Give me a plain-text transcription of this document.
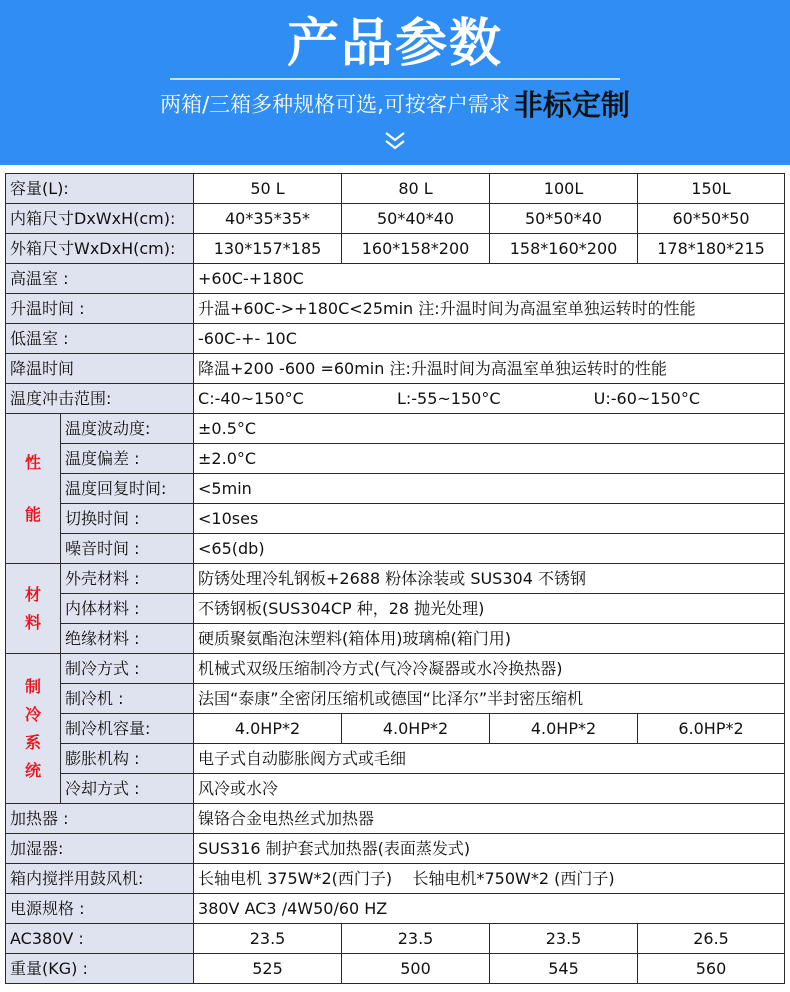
产品参数
两箱/三箱多种规格可选,可按客户需求 非标定制
容量(L):		50 L	80 L	100L	150L
内箱尺寸DxWxH(cm):		40*35*35*	50*40*40	50*50*40	60*50*50
外箱尺寸WxDxH(cm):		130*157*185	160*158*200	158*160*200	178*180*215
高温室 :		+60C-+180C			
升温时间 :		升温+60C->+180C<25min 注:升温时间为高温室单独运转时的性能			
低温室 :		-60C-+- 10C			
降温时间		降温+200 -600 =60min 注:升温时间为高温室单独运转时的性能			
温度冲击范围:		C:-40~150°C L:-55~150°C U:-60~150°C			

性
能	温度波动度:	±0.5°C			
	温度偏差 :	±2.0°C			
	温度回复时间:	<5min			
	切换时间 :	<10ses			
	噪音时间 :	<65(db)			

材
料	外壳材料 :	防锈处理冷轧钢板+2688 粉体涂装或 SUS304 不锈钢			
	内体材料 :	不锈钢板(SUS304CP 种，28 抛光处理)			
	绝缘材料 :	硬质聚氨酯泡沫塑料(箱体用)玻璃棉(箱门用)			

制
冷
系
统	制冷方式 :	机械式双级压缩制冷方式(气冷冷凝器或水冷换热器)			
	制冷机 :	法国“泰康”全密闭压缩机或德国“比泽尔”半封密压缩机			
	制冷机容量:	4.0HP*2	4.0HP*2	4.0HP*2	6.0HP*2
	膨胀机构 :	电子式自动膨胀阀方式或毛细			
	冷却方式 :	风冷或水冷			
加热器 :		镍铬合金电热丝式加热器			
加湿器:		SUS316 制护套式加热器(表面蒸发式)			
箱内搅拌用鼓风机:		长轴电机 375W*2(西门子) 长轴电机*750W*2 (西门子)			
电源规格 :		380V AC3 /4W50/60 HZ			
AC380V :		23.5	23.5	23.5	26.5
重量(KG) :		525	500	545	560
